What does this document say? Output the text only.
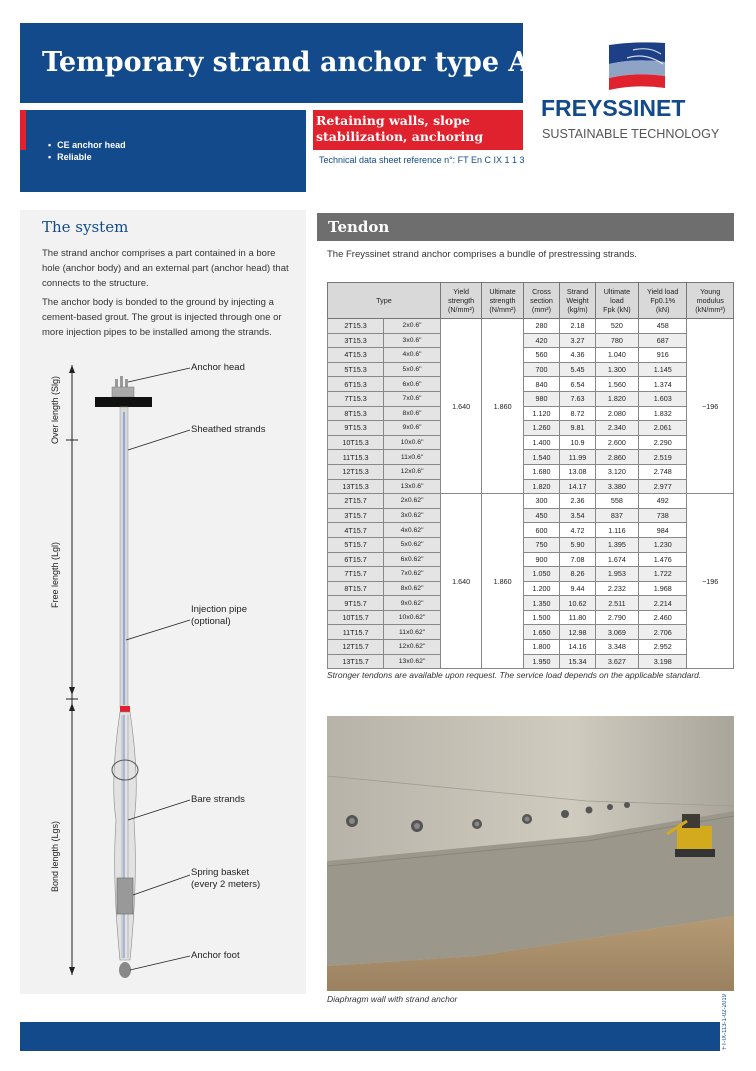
Temporary strand anchor type A
• CE anchor head
• Reliable
Retaining walls, slope stabilization, anchoring
Technical data sheet reference n°: FT En C IX 1 1 3
FREYSSINET
SUSTAINABLE TECHNOLOGY
The system
The strand anchor comprises a part contained in a bore hole (anchor body) and an external part (anchor head) that connects to the structure.
The anchor body is bonded to the ground by injecting a cement-based grout. The grout is injected through one or more injection pipes to be installed among the strands.
Anchor head
Sheathed strands
Injection pipe
(optional)
Bare strands
Spring basket
(every 2 meters)
Anchor foot
Over length (Slg)
Free length (Lgl)
Bond length (Lgs)
Tendon
The Freyssinet strand anchor comprises a bundle of prestressing strands.
Type		Yield
strength
(N/mm²)	Ultimate
strength
(N/mm²)	Cross
section
(mm²)	Strand
Weight
(kg/m)	Ultimate
load
Fpk (kN)	Yield load
Fp0.1%
(kN)	Young
modulus
(kN/mm²)
2T15.3	2x0.6"	1.640	1.860	280	2.18	520	458	~196
3T15.3	3x0.6"			420	3.27	780	687	
4T15.3	4x0.6"			560	4.36	1.040	916	
5T15.3	5x0.6"			700	5.45	1.300	1.145	
6T15.3	6x0.6"			840	6.54	1.560	1.374	
7T15.3	7x0.6"			980	7.63	1.820	1.603	
8T15.3	8x0.6"			1.120	8.72	2.080	1.832	
9T15.3	9x0.6"			1.260	9.81	2.340	2.061	
10T15.3	10x0.6"			1.400	10.9	2.600	2.290	
11T15.3	11x0.6"			1.540	11.99	2.860	2.519	
12T15.3	12x0.6"			1.680	13.08	3.120	2.748	
13T15.3	13x0.6"			1.820	14.17	3.380	2.977	
2T15.7	2x0.62"	1.640	1.860	300	2.36	558	492	~196
3T15.7	3x0.62"			450	3.54	837	738	
4T15.7	4x0.62"			600	4.72	1.116	984	
5T15.7	5x0.62"			750	5.90	1.395	1.230	
6T15.7	6x0.62"			900	7.08	1.674	1.476	
7T15.7	7x0.62"			1.050	8.26	1.953	1.722	
8T15.7	8x0.62"			1.200	9.44	2.232	1.968	
9T15.7	9x0.62"			1.350	10.62	2.511	2.214	
10T15.7	10x0.62"			1.500	11.80	2.790	2.460	
11T15.7	11x0.62"			1.650	12.98	3.069	2.706	
12T15.7	12x0.62"			1.800	14.16	3.348	2.952	
13T15.7	13x0.62"			1.950	15.34	3.627	3.198	
Stronger tendons are available upon request. The service load depends on the applicable standard.
Diaphragm wall with strand anchor	FT-IX-113-1-02-2019
